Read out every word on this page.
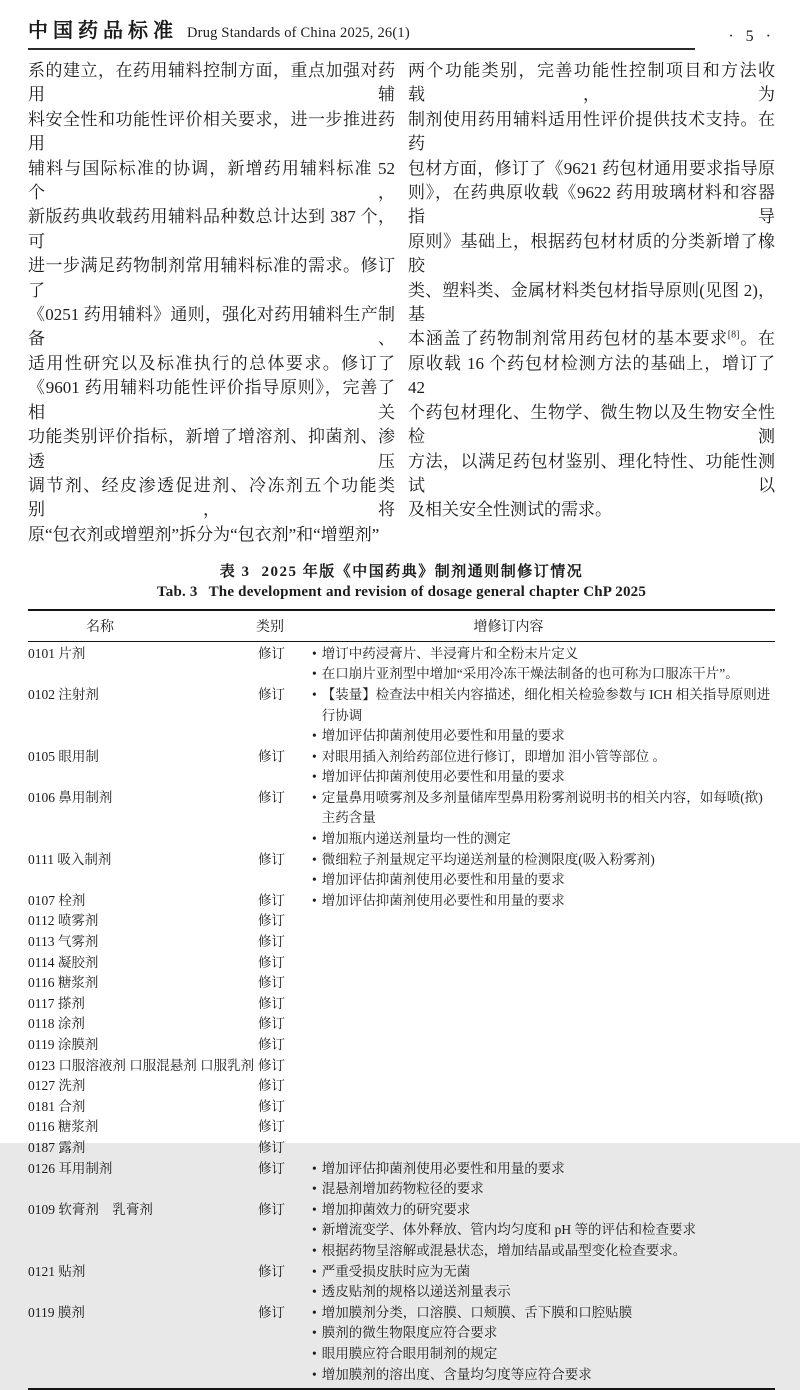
中国药品标准 Drug Standards of China 2025, 26(1)	· 5 ·
系的建立，在药用辅料控制方面，重点加强对药用辅
料安全性和功能性评价相关要求，进一步推进药用
辅料与国际标准的协调，新增药用辅料标准 52 个，
新版药典收载药用辅料品种数总计达到 387 个，可
进一步满足药物制剂常用辅料标准的需求。修订了
《0251 药用辅料》通则，强化对药用辅料生产制备、
适用性研究以及标准执行的总体要求。修订了
《9601 药用辅料功能性评价指导原则》，完善了相关
功能类别评价指标，新增了增溶剂、抑菌剂、渗透压
调节剂、经皮渗透促进剂、冷冻剂五个功能类别，将
原“包衣剂或增塑剂”拆分为“包衣剂”和“增塑剂”
两个功能类别，完善功能性控制项目和方法收载，为
制剂使用药用辅料适用性评价提供技术支持。在药
包材方面，修订了《9621 药包材通用要求指导原
则》，在药典原收载《9622 药用玻璃材料和容器指导
原则》基础上，根据药包材材质的分类新增了橡胶
类、塑料类、金属材料类包材指导原则(见图 2)，基
本涵盖了药物制剂常用药包材的基本要求[8]。在
原收载 16 个药包材检测方法的基础上，增订了 42
个药包材理化、生物学、微生物以及生物安全性检测
方法，以满足药包材鉴别、理化特性、功能性测试以
及相关安全性测试的需求。
表 3 2025 年版《中国药典》制剂通则制修订情况
Tab. 3 The development and revision of dosage general chapter ChP 2025
名称	类别	增修订内容
0101 片剂	修订	• 增订中药浸膏片、半浸膏片和全粉末片定义
• 在口崩片亚剂型中增加“采用冷冻干燥法制备的也可称为口服冻干片”。
0102 注射剂	修订	• 【装量】检查法中相关内容描述，细化相关检验参数与 ICH 相关指导原则进行协调
• 增加评估抑菌剂使用必要性和用量的要求
0105 眼用制	修订	• 对眼用插入剂给药部位进行修订，即增加 泪小管等部位 。
• 增加评估抑菌剂使用必要性和用量的要求
0106 鼻用制剂	修订	• 定量鼻用喷雾剂及多剂量储库型鼻用粉雾剂说明书的相关内容，如每喷(揿)主药含量
• 增加瓶内递送剂量均一性的测定
0111 吸入制剂	修订	• 微细粒子剂量规定平均递送剂量的检测限度(吸入粉雾剂)
• 增加评估抑菌剂使用必要性和用量的要求
0107 栓剂	修订	• 增加评估抑菌剂使用必要性和用量的要求
0112 喷雾剂	修订
0113 气雾剂	修订
0114 凝胶剂	修订
0116 糖浆剂	修订
0117 搽剂	修订
0118 涂剂	修订
0119 涂膜剂	修订
0123 口服溶液剂 口服混悬剂 口服乳剂 修订
0127 洗剂	修订
0181 合剂	修订
0116 糖浆剂	修订
0187 露剂	修订
0126 耳用制剂	修订	• 增加评估抑菌剂使用必要性和用量的要求
• 混悬剂增加药物粒径的要求
0109 软膏剂　乳膏剂	修订	• 增加抑菌效力的研究要求
• 新增流变学、体外释放、管内均匀度和 pH 等的评估和检查要求
• 根据药物呈溶解或混悬状态，增加结晶或晶型变化检查要求。
0121 贴剂	修订	• 严重受损皮肤时应为无菌
• 透皮贴剂的规格以递送剂量表示
0119 膜剂	修订	• 增加膜剂分类，口溶膜、口颊膜、舌下膜和口腔贴膜
• 膜剂的微生物限度应符合要求
• 眼用膜应符合眼用制剂的规定
• 增加膜剂的溶出度、含量均匀度等应符合要求
